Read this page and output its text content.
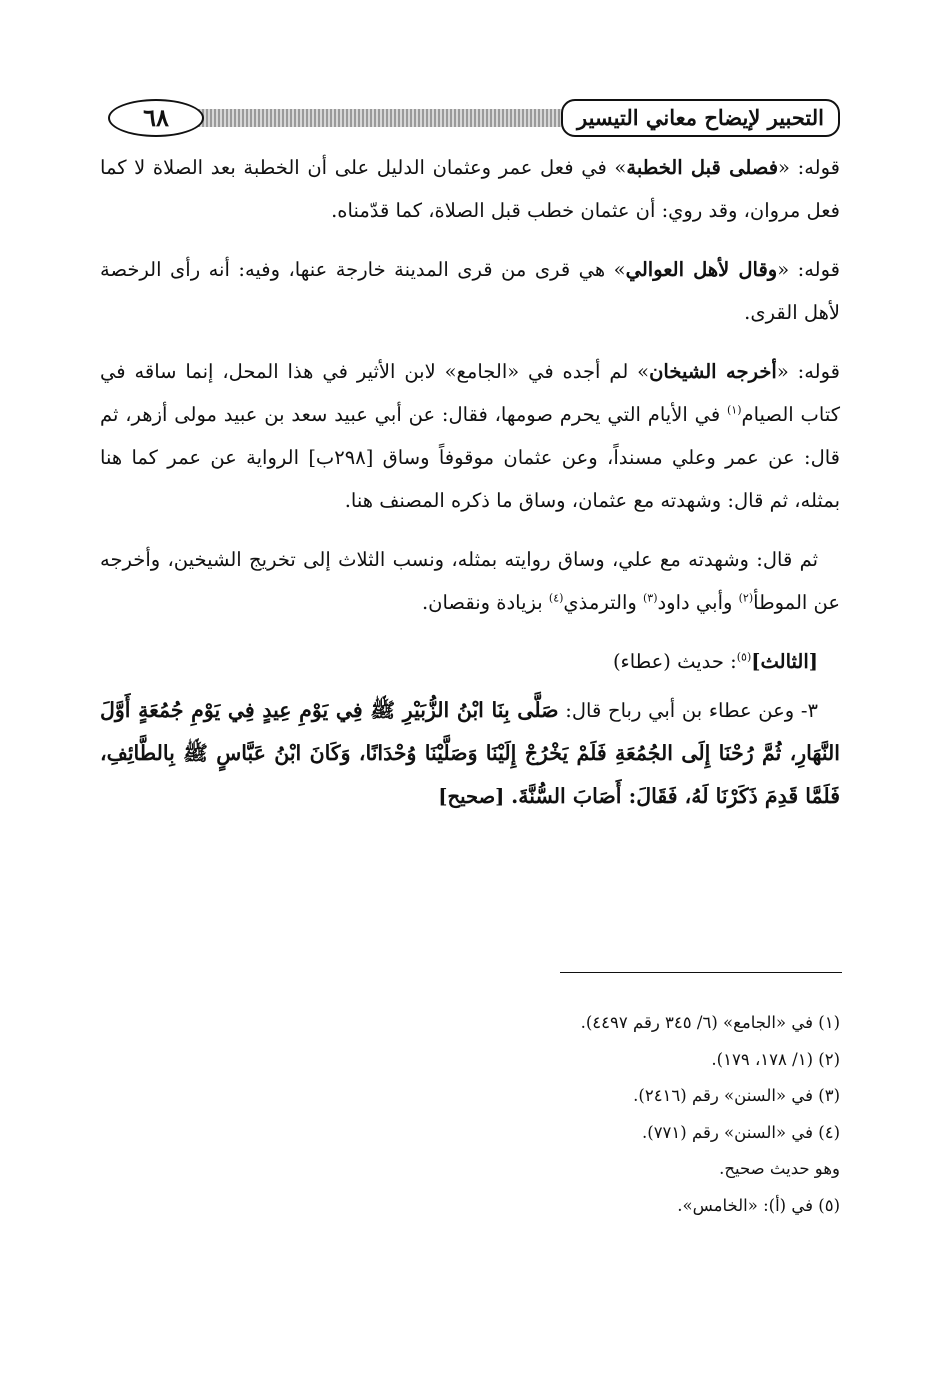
التحبير لإيضاح معاني التيسير
٦٨

قوله: «فصلى قبل الخطبة» في فعل عمر وعثمان الدليل على أن الخطبة بعد الصلاة لا كما فعل مروان، وقد روي: أن عثمان خطب قبل الصلاة، كما قدّمناه.

قوله: «وقال لأهل العوالي» هي قرى من قرى المدينة خارجة عنها، وفيه: أنه رأى الرخصة لأهل القرى.

قوله: «أخرجه الشيخان» لم أجده في «الجامع» لابن الأثير في هذا المحل، إنما ساقه في كتاب الصيام$^{(١)}$ في الأيام التي يحرم صومها، فقال: عن أبي عبيد سعد بن عبيد مولى أزهر، ثم قال: عن عمر وعلي مسنداً، وعن عثمان موقوفاً وساق [٢٩٨ب] الرواية عن عمر كما هنا بمثله، ثم قال: وشهدته مع عثمان، وساق ما ذكره المصنف هنا.

ثم قال: وشهدته مع علي، وساق روايته بمثله، ونسب الثلاث إلى تخريج الشيخين، وأخرجه عن الموطأ$^{(٢)}$ وأبي داود$^{(٣)}$ والترمذي$^{(٤)}$ بزيادة ونقصان.

[الثالث]$^{(٥)}$: حديث (عطاء)

٣- وعن عطاء بن أبي رباح قال: صَلَّى بِنَا ابْنُ الزُّبَيْرِ ﷺ فِي يَوْمِ عِيدٍ فِي يَوْمِ جُمُعَةٍ أَوَّلَ النَّهَارِ، ثُمَّ رُحْنَا إِلَى الجُمُعَةِ فَلَمْ يَخْرُجْ إِلَيْنَا وَصَلَّيْنَا وُحْدَانًا، وَكَانَ ابْنُ عَبَّاسٍ ﷺ بِالطَّائِفِ، فَلَمَّا قَدِمَ ذَكَرْنَا لَهُ، فَقَالَ: أَصَابَ السُّنَّةَ. [صحيح]

(١) في «الجامع» (٦/ ٣٤٥ رقم ٤٤٩٧).
(٢) (١/ ١٧٨، ١٧٩).
(٣) في «السنن» رقم (٢٤١٦).
(٤) في «السنن» رقم (٧٧١).
وهو حديث صحيح.
(٥) في (أ): «الخامس».
